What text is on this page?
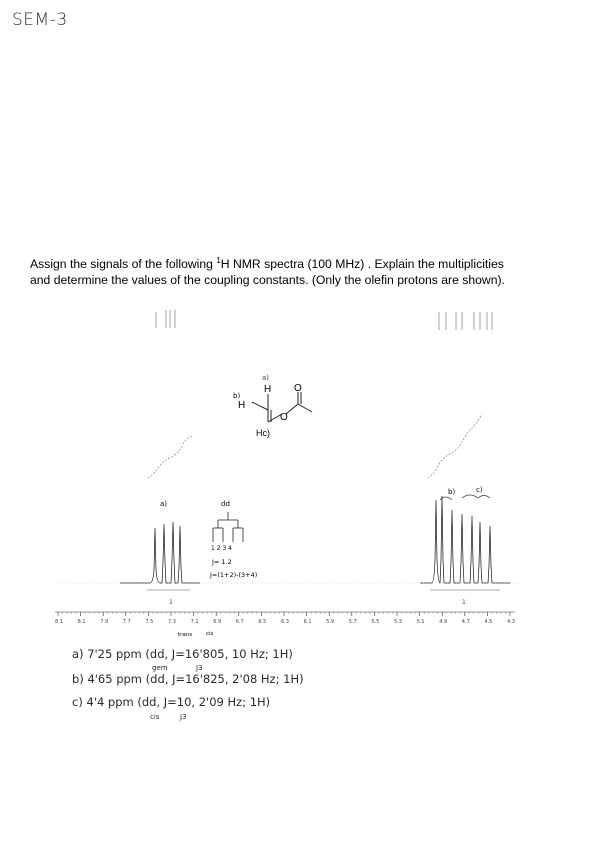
SEM-3
Assign the signals of the following $^1$H NMR spectra (100 MHz) . Explain the multiplicities
and determine the values of the coupling constants. (Only the olefin protons are shown).
a)
H O
b)
H
O
Hc)
a)	dd
1 2 3 4
J= 1.2
J=(1+2)-(3+4)
b)	c)
1	1
8.1	8.1	7.9	7.7	7.5	7.3	7.1	6.9	6.7	6.5	6.3	6.1	5.9	5.7	5.5	5.3	5.1	4.9	4.7	4.5	4.3
trans	cis
a) 7'25 ppm (dd, J=16'805, 10 Hz; 1H)
gem	J3
b) 4'65 ppm (dd, J=16'825, 2'08 Hz; 1H)
c) 4'4 ppm (dd, J=10, 2'09 Hz; 1H)
cis	J3
